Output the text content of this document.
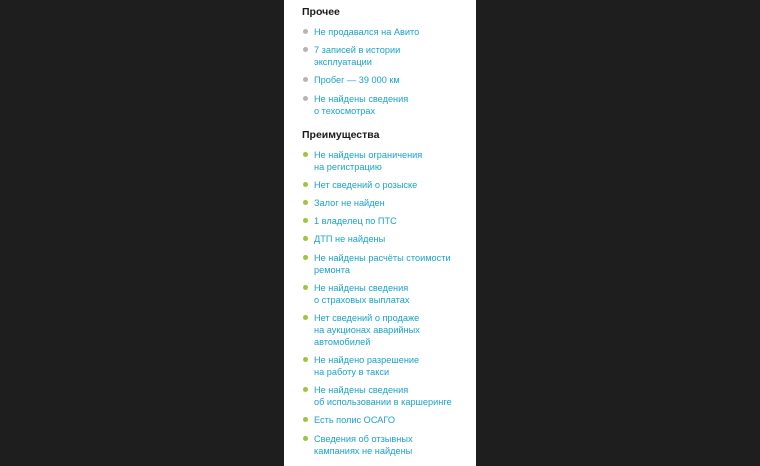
Прочее
Не продавался на Авито
7 записей в истории
эксплуатации
Пробег — 39 000 км
Не найдены сведения
о техосмотрах
Преимущества
Не найдены ограничения
на регистрацию
Нет сведений о розыске
Залог не найден
1 владелец по ПТС
ДТП не найдены
Не найдены расчёты стоимости
ремонта
Не найдены сведения
о страховых выплатах
Нет сведений о продаже
на аукционах аварийных
автомобилей
Не найдено разрешение
на работу в такси
Не найдены сведения
об использовании в каршеринге
Есть полис ОСАГО
Сведения об отзывных
кампаниях не найдены
